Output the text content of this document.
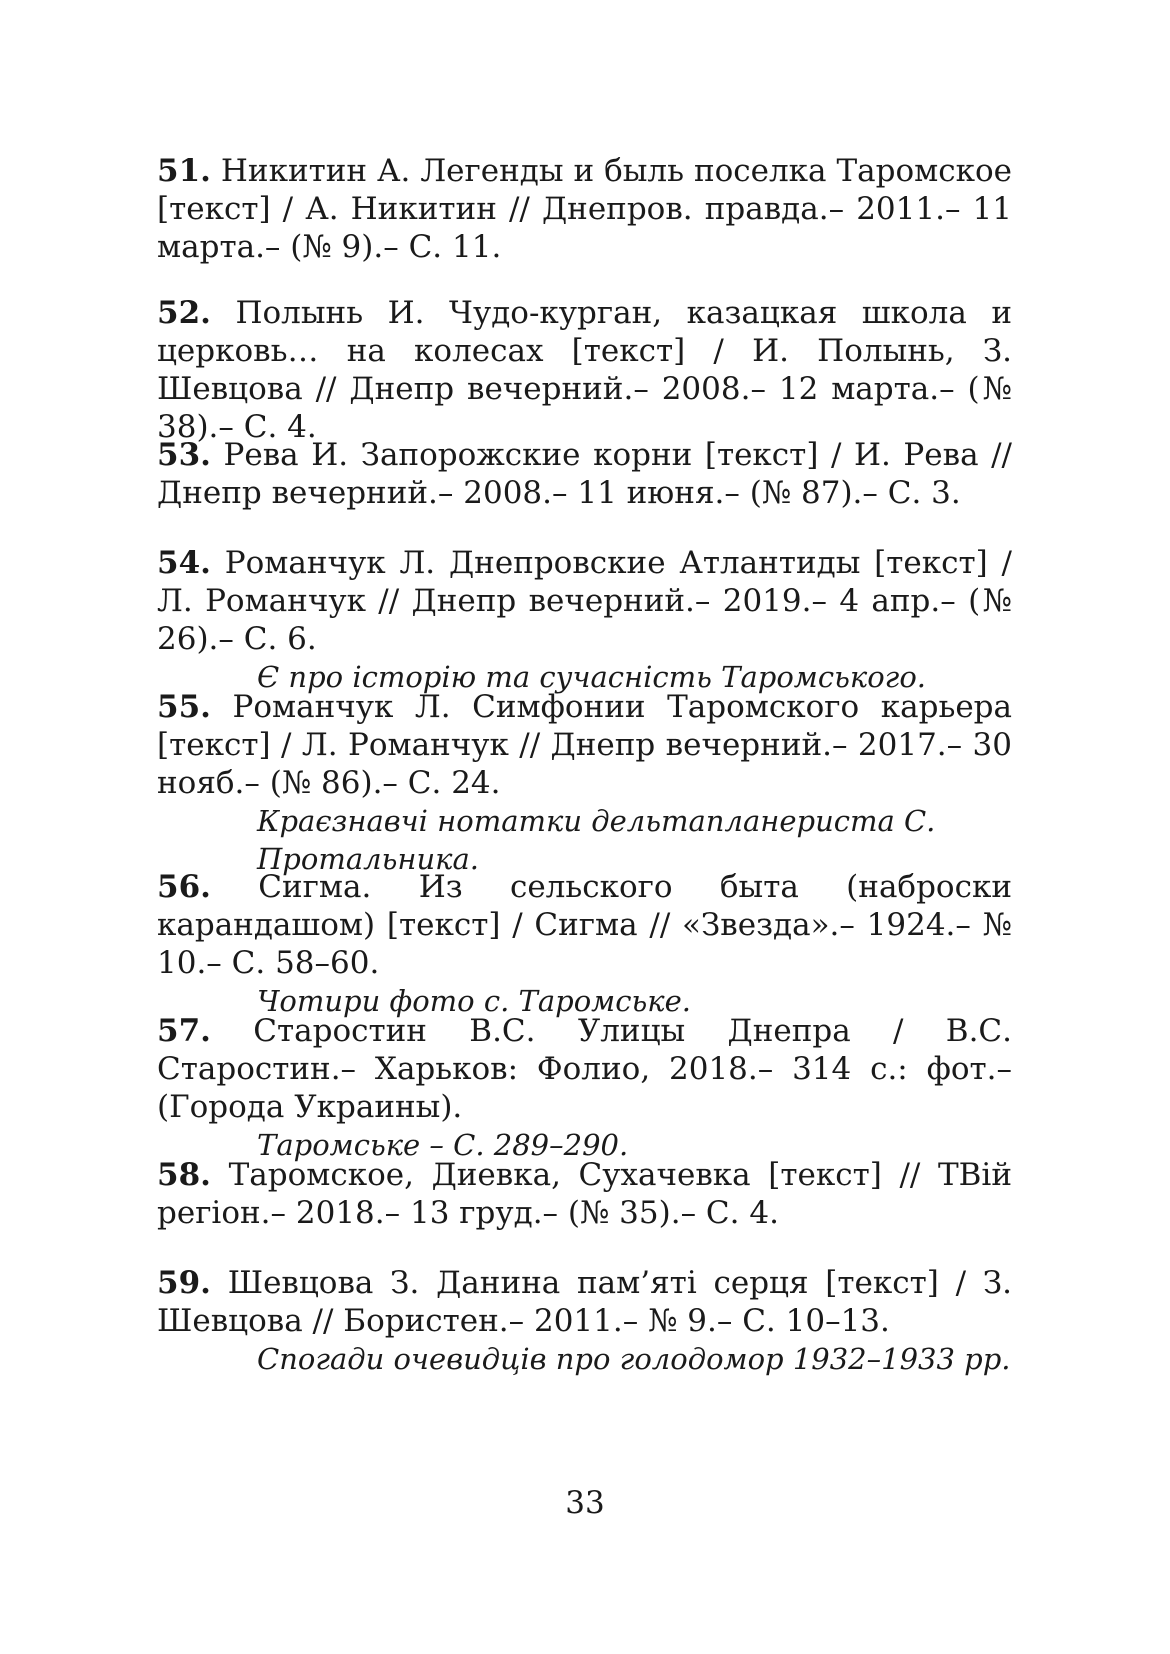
51. Никитин А. Легенды и быль поселка Таромское [текст] / А. Никитин // Днепров. правда.– 2011.– 11 марта.– (№ 9).– С. 11.
52. Полынь И. Чудо-курган, казацкая школа и церковь… на колесах [текст] / И. Полынь, З. Шевцова // Днепр вечерний.– 2008.– 12 марта.– (№ 38).– С. 4.
53. Рева И. Запорожские корни [текст] / И. Рева // Днепр вечерний.– 2008.– 11 июня.– (№ 87).– С. 3.
54. Романчук Л. Днепровские Атлантиды [текст] / Л. Романчук // Днепр вечерний.– 2019.– 4 апр.– (№ 26).– С. 6.
Є про історію та сучасність Таромського.
55. Романчук Л. Симфонии Таромского карьера [текст] / Л. Романчук // Днепр вечерний.– 2017.– 30 нояб.– (№ 86).– С. 24.
Краєзнавчі нотатки дельтапланериста С. Протальника.
56. Сигма. Из сельского быта (наброски карандашом) [текст] / Сигма // «Звезда».– 1924.– № 10.– С. 58–60.
Чотири фото с. Таромське.
57. Старостин В.С. Улицы Днепра / В.С. Старостин.– Харьков: Фолио, 2018.– 314 с.: фот.– (Города Украины).
Таромське – С. 289–290.
58. Таромское, Диевка, Сухачевка [текст] // ТВій регіон.– 2018.– 13 груд.– (№ 35).– С. 4.
59. Шевцова З. Данина пам’яті серця [текст] / З. Шевцова // Бористен.– 2011.– № 9.– С. 10–13.
Спогади очевидців про голодомор 1932–1933 рр.
33
